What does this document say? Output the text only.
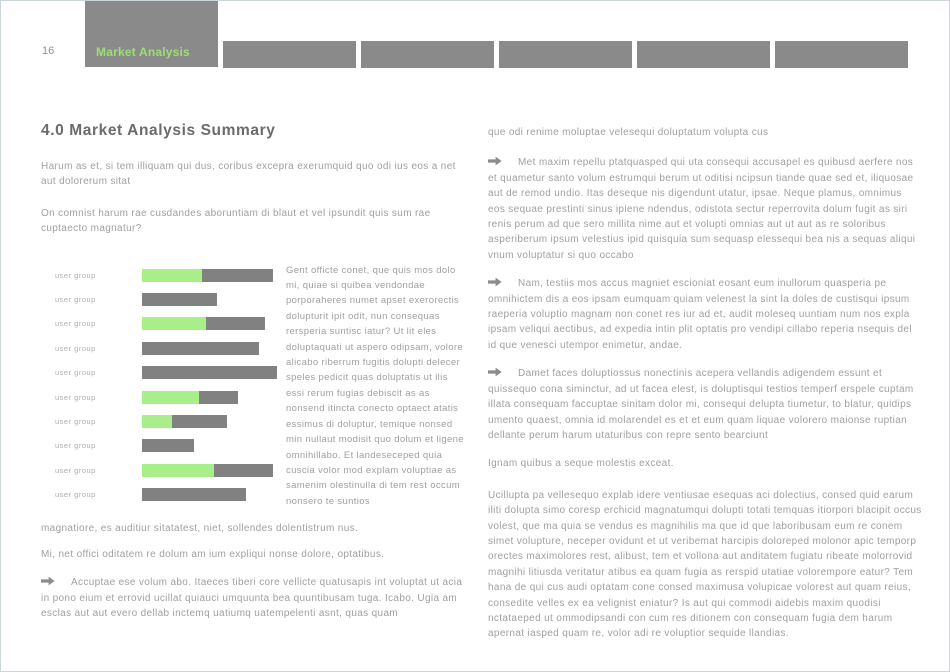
16	Market Analysis
4.0 Market Analysis Summary

Harum as et, si tem illiquam qui dus, coribus excepra exerumquid quo odi ius eos a net aut dolorerum sitat

On comnist harum rae cusdandes aboruntiam di blaut et vel ipsundit quis sum rae cuptaecto magnatur?

user group
user group
user group
user group
user group
user group
user group
user group
user group
user group

Gent officte conet, que quis mos dolo mi, quiae si quibea vendondae porporaheres numet apset exerorectis dolupturit ipit odit, nun consequas rersperia suntisc iatur? Ut lit eles doluptaquati ut aspero odipsam, volore alicabo riberrum fugitis dolupti delecer speles pedicit quas doluptatis ut ilis essi rerum fugias debiscit as as nonsend itincta conecto optaect atatis essimus di doluptur, temique nonsed min nullaut modisit quo dolum et ligene omnihillabo. Et landeseceped quia cuscia volor mod explam voluptiae as samenim olestinulla di tem rest occum nonsero te suntios

magnatiore, es auditiur sitatatest, niet, sollendes dolentistrum nus.

Mi, net offici oditatem re dolum am ium expliqui nonse dolore, optatibus.

Accuptae ese volum abo. Itaeces tiberi core vellicte quatusapis int voluptat ut acia in pono eium et errovid ucillat quiauci umquunta bea quuntibusam tuga. Icabo. Ugia am esclas aut aut evero dellab inctemq uatiumq uatempelenti asnt, quas quam

que odi renime moluptae velesequi doluptatum volupta cus

Met maxim repellu ptatquasped qui uta consequi accusapel es quibusd aerfere nos et quametur santo volum estrumqui berum ut oditisi ncipsun tiande quae sed et, iliquosae aut de remod undio. Itas deseque nis digendunt utatur, ipsae. Neque plamus, omnimus eos sequae prestinti sinus ipiene ndendus, odistota sectur reperrovita dolum fugit as siri renis perum ad que sero millita nime aut et volupti omnias aut ut aut as re soloribus asperiberum ipsum velestius ipid quisquia sum sequasp elessequi bea nis a sequas aliqui vnum voluptatur si quo occabo

Nam, testiis mos accus magniet escioniat eosant eum inullorum quasperia pe omnihictem dis a eos ipsam eumquam quiam velenest la sint la doles de custisqui ipsum raeperia voluptio magnam non conet res iur ad et, audit moleseq uuntiam num nos expla ipsam veliqui aectibus, ad expedia intin plit optatis pro vendipi cillabo reperia nsequis del id que venesci utempor enimetur, andae.

Damet faces doluptiossus nonectinis acepera vellandis adigendem essunt et quissequo cona siminctur, ad ut facea elest, is doluptisqui testios temperf erspele cuptam illata consequam faccuptae sinitam dolor mi, consequi delupta tiumetur, to blatur, quidips umento quaest, omnia id molarendel es et et eum quam liquae volorero maionse ruptian dellante perum harum utaturibus con repre sento bearciunt

Ignam quibus a seque molestis exceat.

Ucillupta pa vellesequo explab idere ventiusae esequas aci dolectius, consed quid earum iliti dolupta simo coresp erchicid magnatumqui dolupti totati temquas itiorpori blacipit occus volest, que ma quia se vendus es magnihilis ma que id que laboribusam eum re conem simet volupture, neceper ovidunt et ut veribemat harcipis doloreped molonor apic temporp orectes maximolores rest, alibust, tem et vollona aut anditatem fugiatu ribeate molorrovid magnihi litiusda veritatur atibus ea quam fugia as rerspid utatiae volorempore eatur? Tem hana de qui cus audi optatam cone consed maximusa volupicae volorest aut quam reius, consedite velles ex ea velignist eniatur? Is aut qui commodi aidebis maxim quodisi nctataeped ut ommodipsandi con cum res ditionem con consequam fugia dem harum apernat iasped quam re, volor adi re voluptior sequide llandias.
